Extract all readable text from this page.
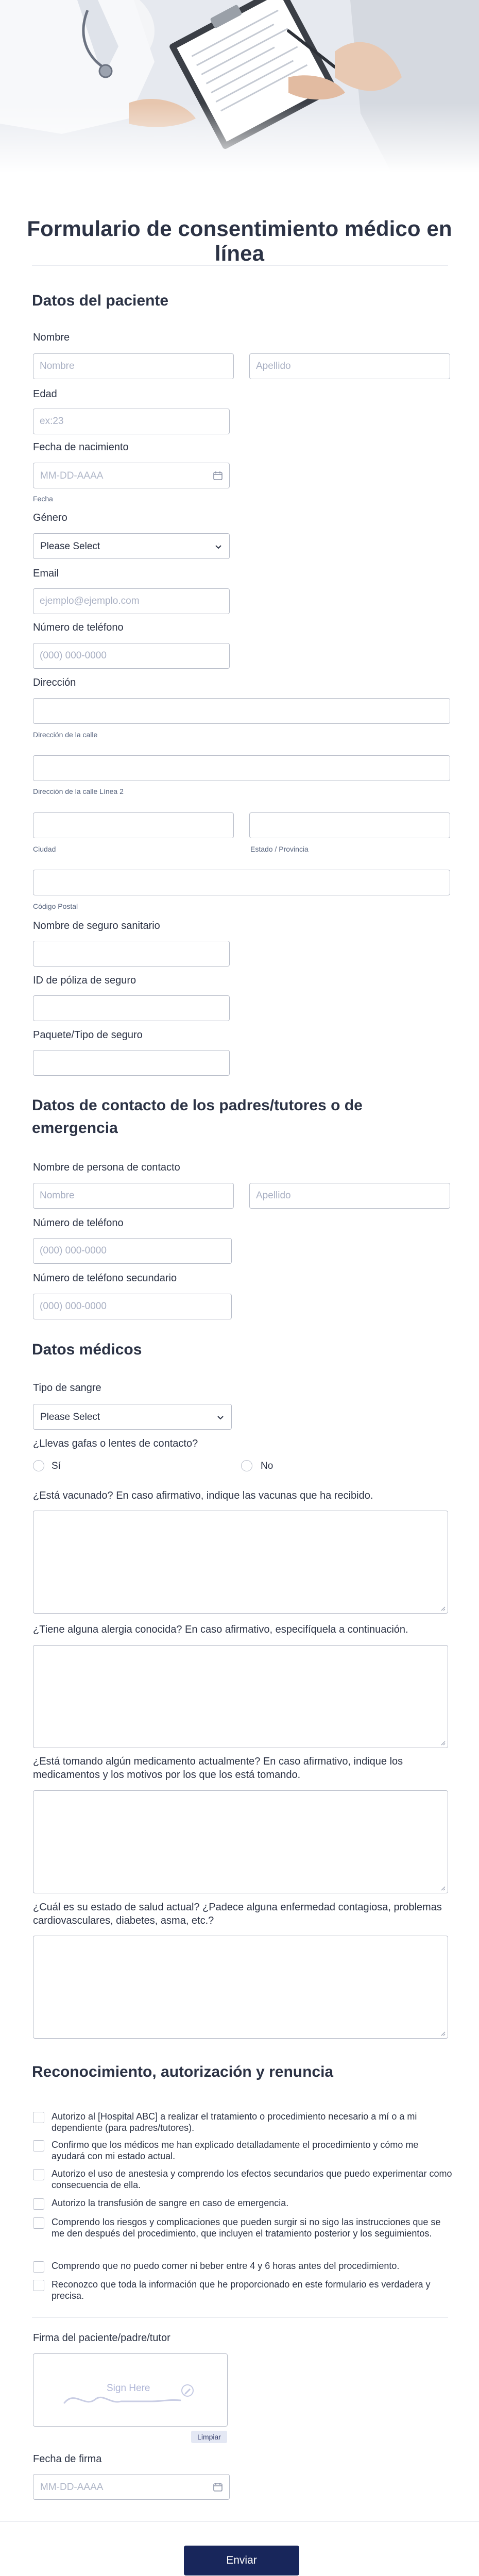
Formulario de consentimiento médico en línea
Datos del paciente
Nombre
Nombre
Apellido
Edad
ex:23
Fecha de nacimiento
MM-DD-AAAA
Fecha
Género
Please Select
Email
ejemplo@ejemplo.com
Número de teléfono
(000) 000-0000
Dirección
Dirección de la calle
Dirección de la calle Línea 2
Ciudad	Estado / Provincia
Código Postal
Nombre de seguro sanitario
ID de póliza de seguro
Paquete/Tipo de seguro
Datos de contacto de los padres/tutores o de emergencia
Nombre de persona de contacto
Nombre
Apellido
Número de teléfono
(000) 000-0000
Número de teléfono secundario
(000) 000-0000
Datos médicos
Tipo de sangre
Please Select
¿Llevas gafas o lentes de contacto?
Sí	No
¿Está vacunado? En caso afirmativo, indique las vacunas que ha recibido.
¿Tiene alguna alergia conocida? En caso afirmativo, especifíquela a continuación.
¿Está tomando algún medicamento actualmente? En caso afirmativo, indique los medicamentos y los motivos por los que los está tomando.
¿Cuál es su estado de salud actual? ¿Padece alguna enfermedad contagiosa, problemas cardiovasculares, diabetes, asma, etc.?
Reconocimiento, autorización y renuncia
Autorizo al [Hospital ABC] a realizar el tratamiento o procedimiento necesario a mí o a mi dependiente (para padres/tutores).
Confirmo que los médicos me han explicado detalladamente el procedimiento y cómo me ayudará con mi estado actual.
Autorizo el uso de anestesia y comprendo los efectos secundarios que puedo experimentar como consecuencia de ella.
Autorizo la transfusión de sangre en caso de emergencia.
Comprendo los riesgos y complicaciones que pueden surgir si no sigo las instrucciones que se me den después del procedimiento, que incluyen el tratamiento posterior y los seguimientos.
Comprendo que no puedo comer ni beber entre 4 y 6 horas antes del procedimiento.
Reconozco que toda la información que he proporcionado en este formulario es verdadera y precisa.
Firma del paciente/padre/tutor
Sign Here
Limpiar
Fecha de firma
MM-DD-AAAA
Enviar
